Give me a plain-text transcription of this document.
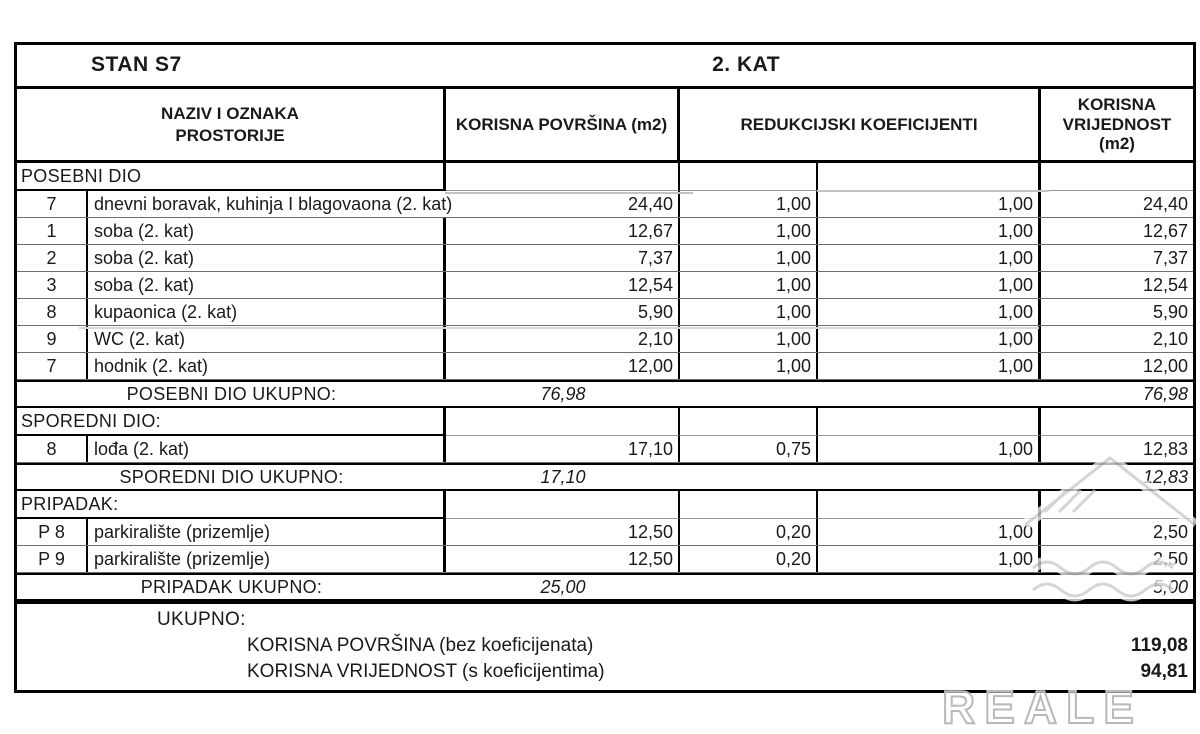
STAN S7	2. KAT
NAZIV I OZNAKA
PROSTORIJE
KORISNA POVRŠINA (m2)	REDUKCIJSKI KOEFICIJENTI
KORISNA
VRIJEDNOST
(m2)
POSEBNI DIO
7	dnevni boravak, kuhinja I blagovaona (2. kat)	24,40	1,00	1,00	24,40
1	soba (2. kat)	12,67	1,00	1,00	12,67
2	soba (2. kat)	7,37	1,00	1,00	7,37
3	soba (2. kat)	12,54	1,00	1,00	12,54
8	kupaonica (2. kat)	5,90	1,00	1,00	5,90
9	WC (2. kat)	2,10	1,00	1,00	2,10
7	hodnik (2. kat)	12,00	1,00	1,00	12,00
POSEBNI DIO UKUPNO:	76,98	76,98
SPOREDNI DIO:
8	lođa (2. kat)	17,10	0,75	1,00	12,83
SPOREDNI DIO UKUPNO:	17,10	12,83
PRIPADAK:
P 8	parkiralište (prizemlje)	12,50	0,20	1,00	2,50
P 9	parkiralište (prizemlje)	12,50	0,20	1,00	2,50
PRIPADAK UKUPNO:	25,00	5,00
UKUPNO:
KORISNA POVRŠINA (bez koeficijenata)	119,08
KORISNA VRIJEDNOST (s koeficijentima)	94,81
REALE
